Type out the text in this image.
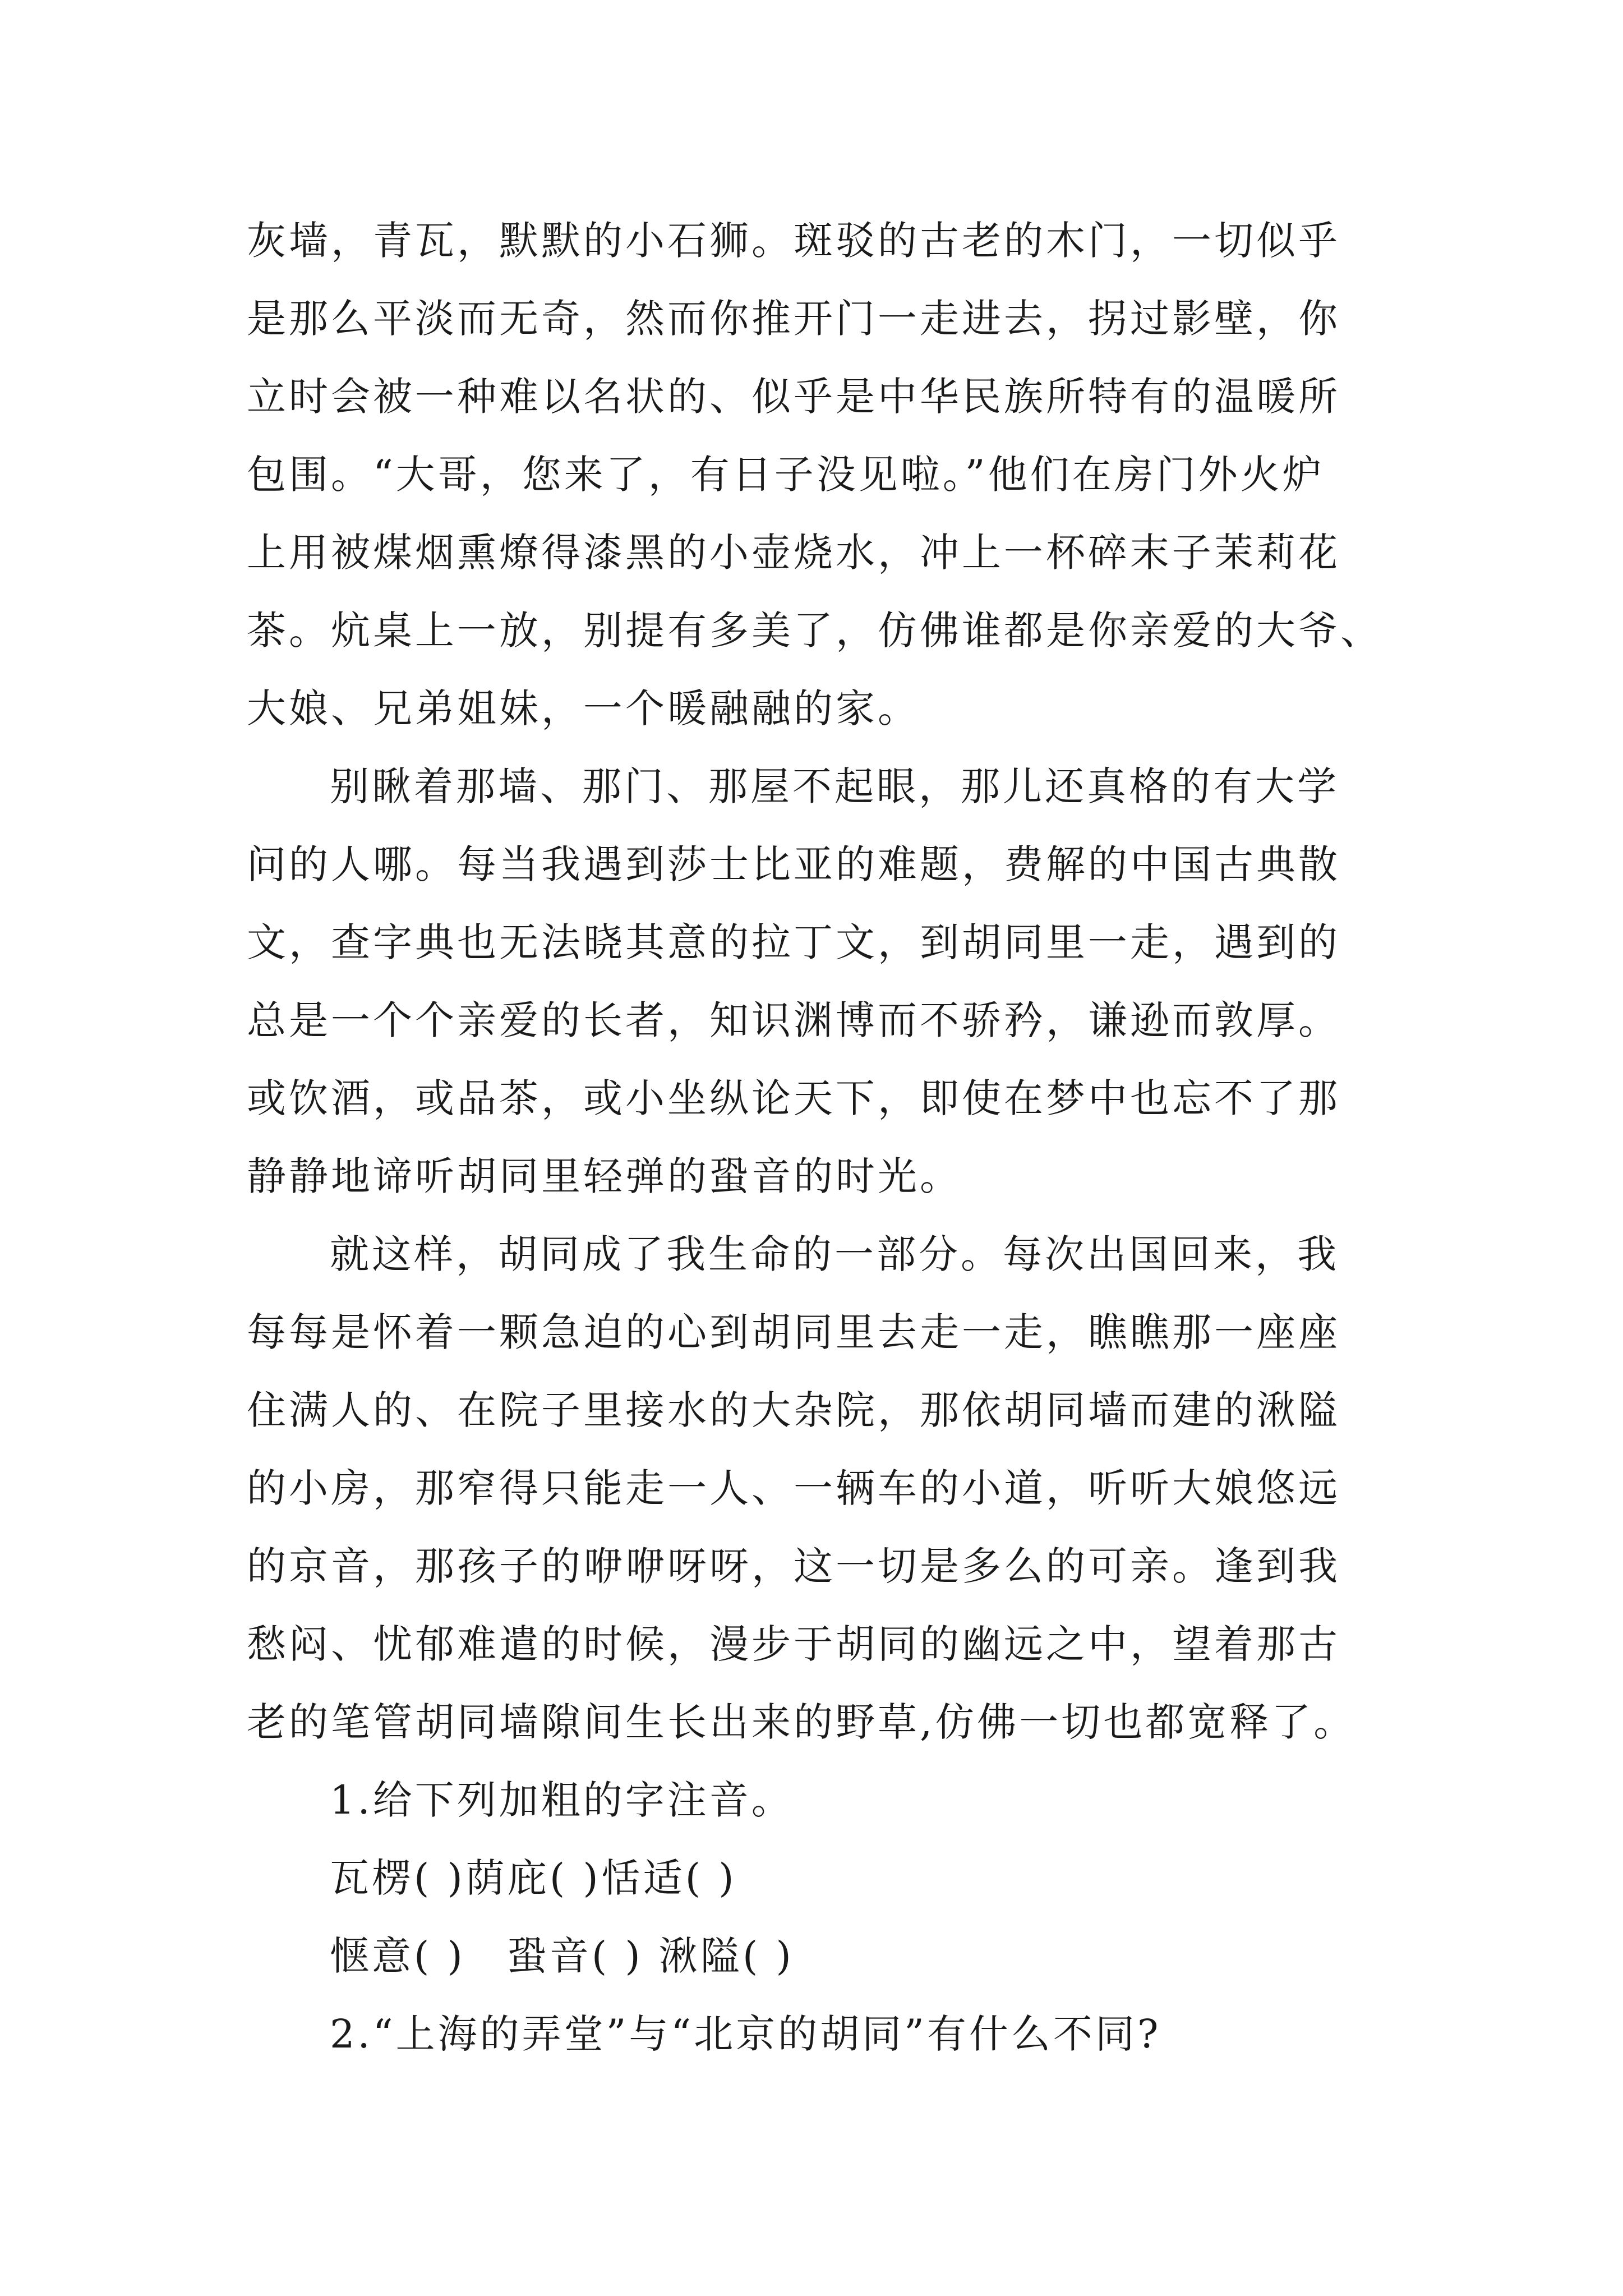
灰墙，青瓦，默默的小石狮。斑驳的古老的木门，一切似乎
是那么平淡而无奇，然而你推开门一走进去，拐过影壁，你
立时会被一种难以名状的、似乎是中华民族所特有的温暖所
包围。“大哥，您来了，有日子没见啦。”他们在房门外火炉
上用被煤烟熏燎得漆黑的小壶烧水，冲上一杯碎末子茉莉花
茶。炕桌上一放，别提有多美了，仿佛谁都是你亲爱的大爷、
大娘、兄弟姐妹，一个暖融融的家。
别瞅着那墙、那门、那屋不起眼，那儿还真格的有大学
问的人哪。每当我遇到莎士比亚的难题，费解的中国古典散
文，查字典也无法晓其意的拉丁文，到胡同里一走，遇到的
总是一个个亲爱的长者，知识渊博而不骄矜，谦逊而敦厚。
或饮酒，或品茶，或小坐纵论天下，即使在梦中也忘不了那
静静地谛听胡同里轻弹的蛩音的时光。
就这样，胡同成了我生命的一部分。每次出国回来，我
每每是怀着一颗急迫的心到胡同里去走一走，瞧瞧那一座座
住满人的、在院子里接水的大杂院，那依胡同墙而建的湫隘
的小房，那窄得只能走一人、一辆车的小道，听听大娘悠远
的京音，那孩子的咿咿呀呀，这一切是多么的可亲。逢到我
愁闷、忧郁难遣的时候，漫步于胡同的幽远之中，望着那古
老的笔管胡同墙隙间生长出来的野草,仿佛一切也都宽释了。
1.给下列加粗的字注音。
瓦楞( )荫庇( )恬适( )
惬意( )　蛩音( ) 湫隘( )
2.“上海的弄堂”与“北京的胡同”有什么不同?
